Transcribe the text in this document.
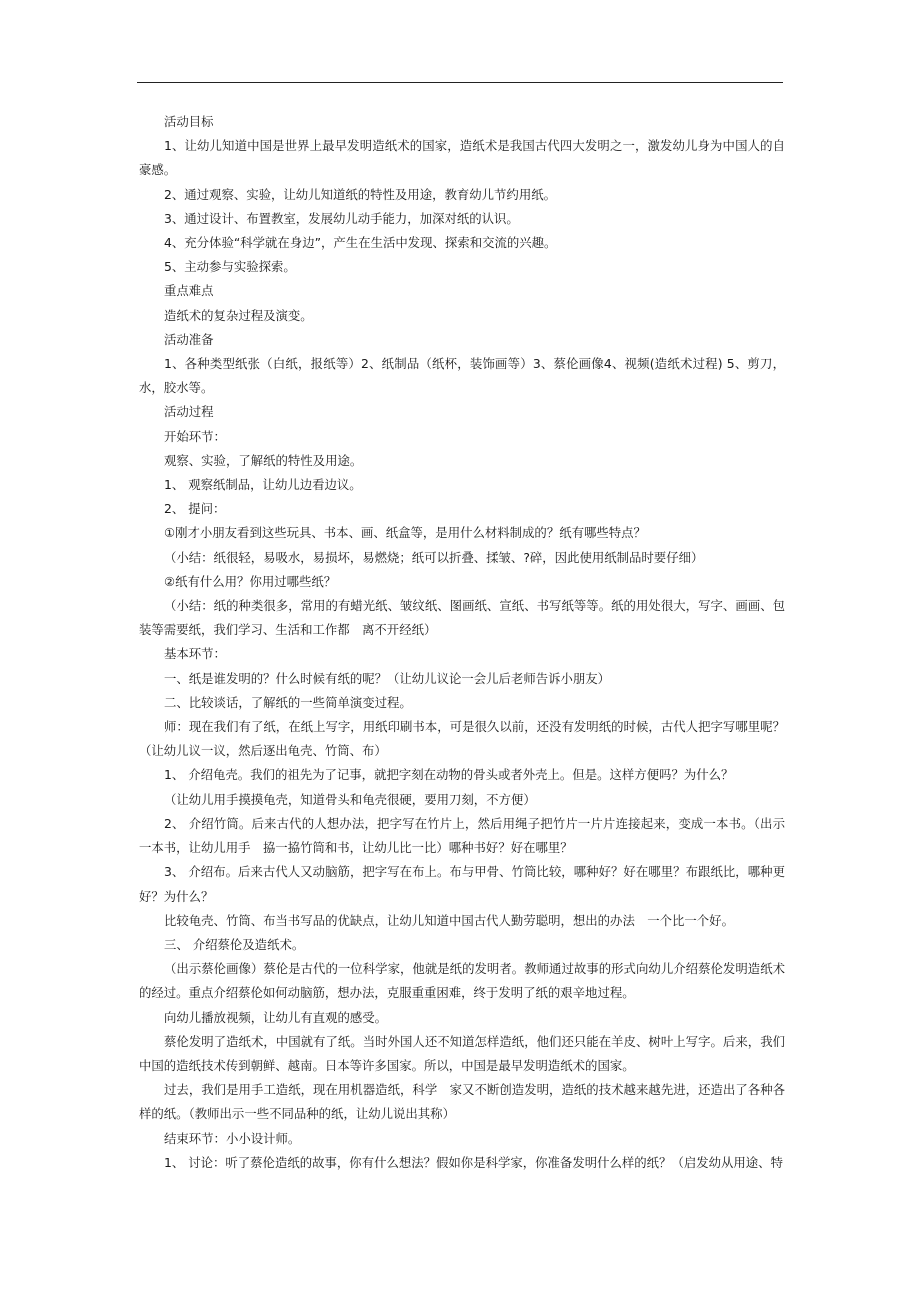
活动目标

1、让幼儿知道中国是世界上最早发明造纸术的国家，造纸术是我国古代四大发明之一，激发幼儿身为中国人的自豪感。

2、通过观察、实验，让幼儿知道纸的特性及用途，教育幼儿节约用纸。

3、通过设计、布置教室，发展幼儿动手能力，加深对纸的认识。

4、充分体验“科学就在身边”，产生在生活中发现、探索和交流的兴趣。

5、主动参与实验探索。

重点难点

造纸术的复杂过程及演变。

活动准备

1、各种类型纸张（白纸，报纸等）2、纸制品（纸杯，装饰画等）3、蔡伦画像4、视频(造纸术过程) 5、剪刀，水，胶水等。

活动过程

开始环节：

观察、实验，了解纸的特性及用途。

1、 观察纸制品，让幼儿边看边议。

2、 提问：

①刚才小朋友看到这些玩具、书本、画、纸盒等，是用什么材料制成的？纸有哪些特点？

（小结：纸很轻，易吸水，易损坏，易燃烧；纸可以折叠、揉皱、?碎，因此使用纸制品时要仔细）

②纸有什么用？你用过哪些纸？

（小结：纸的种类很多，常用的有蜡光纸、皱纹纸、图画纸、宣纸、书写纸等等。纸的用处很大，写字、画画、包装等需要纸，我们学习、生活和工作都　离不开经纸）

基本环节：

一、纸是谁发明的？什么时候有纸的呢？（让幼儿议论一会儿后老师告诉小朋友）

二、比较谈话，了解纸的一些简单演变过程。

师：现在我们有了纸，在纸上写字，用纸印刷书本，可是很久以前，还没有发明纸的时候，古代人把字写哪里呢？（让幼儿议一议，然后逐出龟壳、竹筒、布）

1、 介绍龟壳。我们的祖先为了记事，就把字刻在动物的骨头或者外壳上。但是。这样方便吗？为什么？

（让幼儿用手摸摸龟壳，知道骨头和龟壳很硬，要用刀刻，不方便）

2、 介绍竹筒。后来古代的人想办法，把字写在竹片上，然后用绳子把竹片一片片连接起来，变成一本书。（出示一本书，让幼儿用手　拹一拹竹筒和书，让幼儿比一比）哪种书好？好在哪里？

3、 介绍布。后来古代人又动脑筋，把字写在布上。布与甲骨、竹筒比较，哪种好？好在哪里？布跟纸比，哪种更好？为什么？

比较龟壳、竹筒、布当书写品的优缺点，让幼儿知道中国古代人勤劳聪明，想出的办法　一个比一个好。

三、 介绍蔡伦及造纸术。

（出示蔡伦画像）蔡伦是古代的一位科学家，他就是纸的发明者。教师通过故事的形式向幼儿介绍蔡伦发明造纸术的经过。重点介绍蔡伦如何动脑筋，想办法，克服重重困难，终于发明了纸的艰辛地过程。

向幼儿播放视频，让幼儿有直观的感受。

蔡伦发明了造纸术，中国就有了纸。当时外国人还不知道怎样造纸，他们还只能在羊皮、树叶上写字。后来，我们中国的造纸技术传到朝鲜、越南。日本等许多国家。所以，中国是最早发明造纸术的国家。

过去，我们是用手工造纸，现在用机器造纸，科学　家又不断创造发明，造纸的技术越来越先进，还造出了各种各样的纸。（教师出示一些不同品种的纸，让幼儿说出其称）

结束环节：小小设计师。

1、 讨论：听了蔡伦造纸的故事，你有什么想法？假如你是科学家，你准备发明什么样的纸？（启发幼从用途、特
